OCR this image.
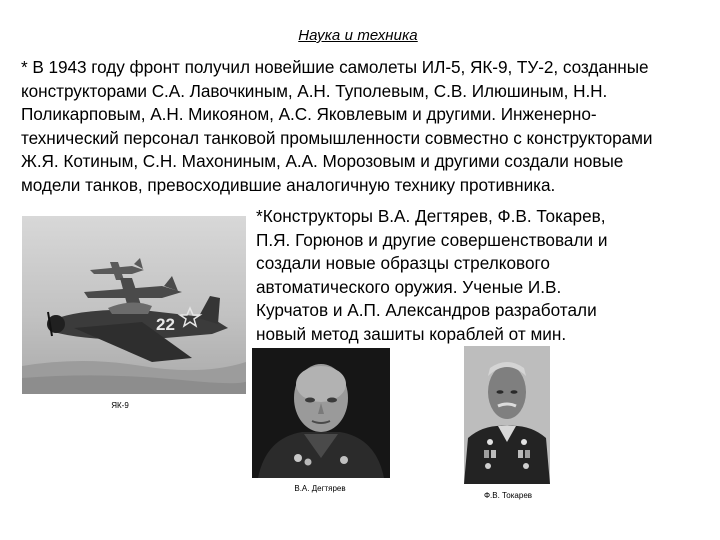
Наука и техника
* В 1943 году фронт получил новейшие самолеты ИЛ-5, ЯК-9, ТУ-2, созданные
конструкторами С.А. Лавочкиным, А.Н. Туполевым, С.В. Илюшиным, Н.Н.
Поликарповым, А.Н. Микояном, А.С. Яковлевым и другими. Инженерно-
технический персонал танковой промышленности совместно с конструкторами
Ж.Я. Котиным, С.Н. Махониным, А.А. Морозовым и другими создали новые
модели танков, превосходившие аналогичную технику противника.
*Конструкторы В.А. Дегтярев, Ф.В. Токарев,
П.Я. Горюнов и другие совершенствовали и
создали новые образцы стрелкового
автоматического оружия. Ученые И.В.
Курчатов и А.П. Александров разработали
новый метод зашиты кораблей от мин.
22
ЯК-9
В.А. Дегтярев
Ф.В. Токарев
